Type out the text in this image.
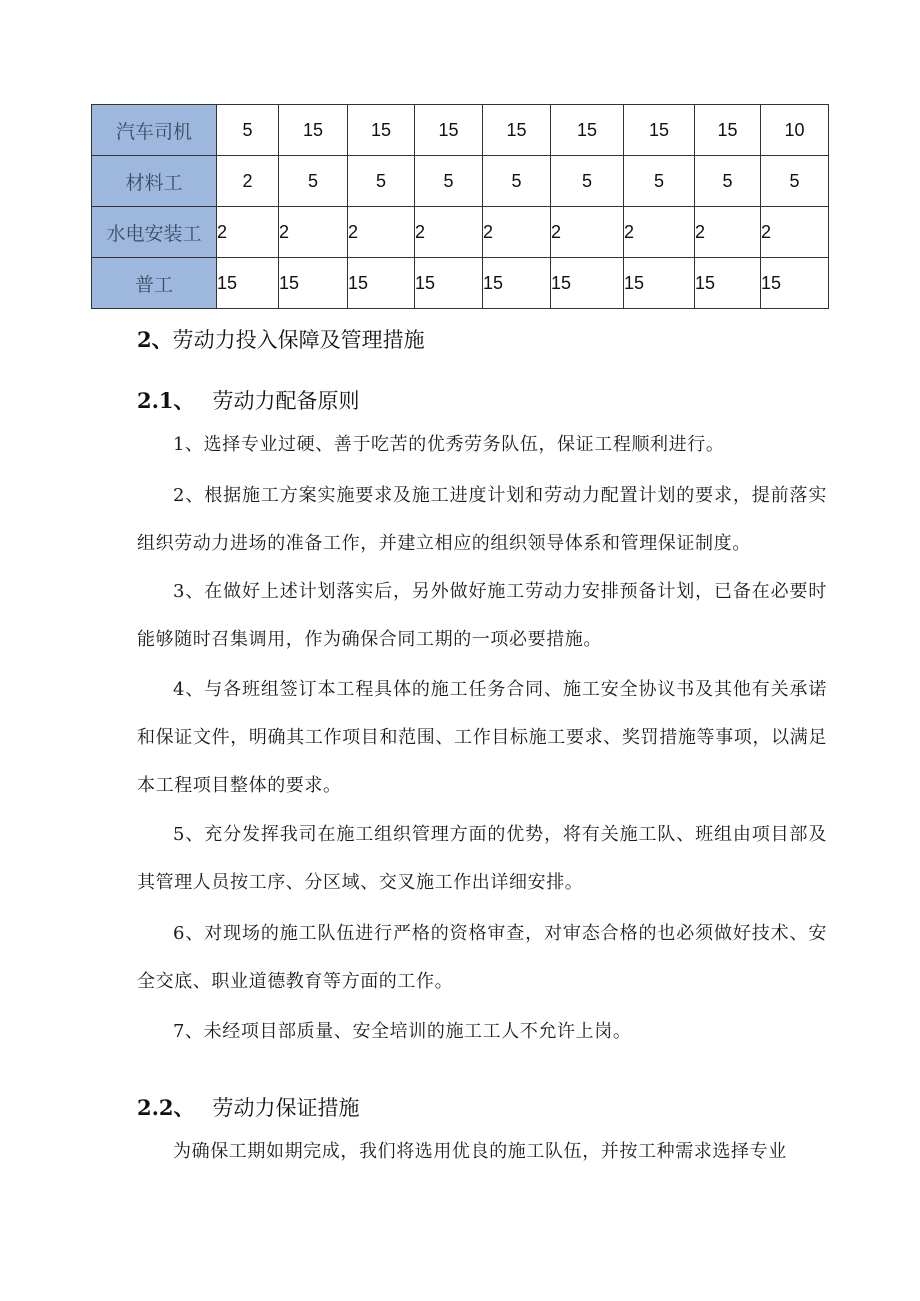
汽车司机	5	15	15	15	15	15	15	15	10
材料工	2	5	5	5	5	5	5	5	5
水电安装工	2	2	2	2	2	2	2	2	2
普工	15	15	15	15	15	15	15	15	15
2、劳动力投入保障及管理措施
2.1、 劳动力配备原则
1、选择专业过硬、善于吃苦的优秀劳务队伍，保证工程顺利进行。
2、根据施工方案实施要求及施工进度计划和劳动力配置计划的要求，提前落实组织劳动力进场的准备工作，并建立相应的组织领导体系和管理保证制度。
3、在做好上述计划落实后，另外做好施工劳动力安排预备计划，已备在必要时能够随时召集调用，作为确保合同工期的一项必要措施。
4、与各班组签订本工程具体的施工任务合同、施工安全协议书及其他有关承诺和保证文件，明确其工作项目和范围、工作目标施工要求、奖罚措施等事项，以满足本工程项目整体的要求。
5、充分发挥我司在施工组织管理方面的优势，将有关施工队、班组由项目部及其管理人员按工序、分区域、交叉施工作出详细安排。
6、对现场的施工队伍进行严格的资格审查，对审态合格的也必须做好技术、安全交底、职业道德教育等方面的工作。
7、未经项目部质量、安全培训的施工工人不允许上岗。
2.2、 劳动力保证措施
为确保工期如期完成，我们将选用优良的施工队伍，并按工种需求选择专业
